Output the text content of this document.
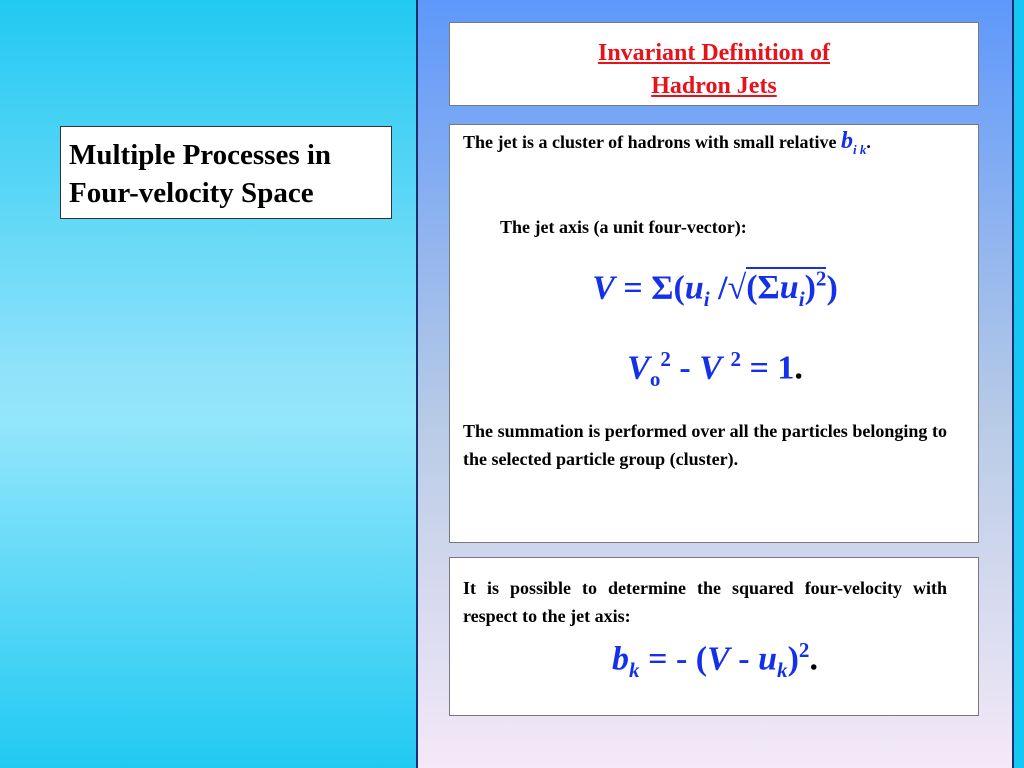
Multiple Processes in
Four-velocity Space
Invariant Definition of
Hadron Jets
The jet is a cluster of hadrons with small relative $b_{i k}$.
The jet axis (a unit four-vector):
$V = \Sigma(u_i$ $/√(\Sigma u_i)^2$)
$V_o^2$ - V $^2$ = 1.
The summation is performed over all the particles belonging to the selected particle group (cluster).
It is possible to determine the squared four-velocity with respect to the jet axis:
$b_k$ = - $(V - u_k)^2$.
